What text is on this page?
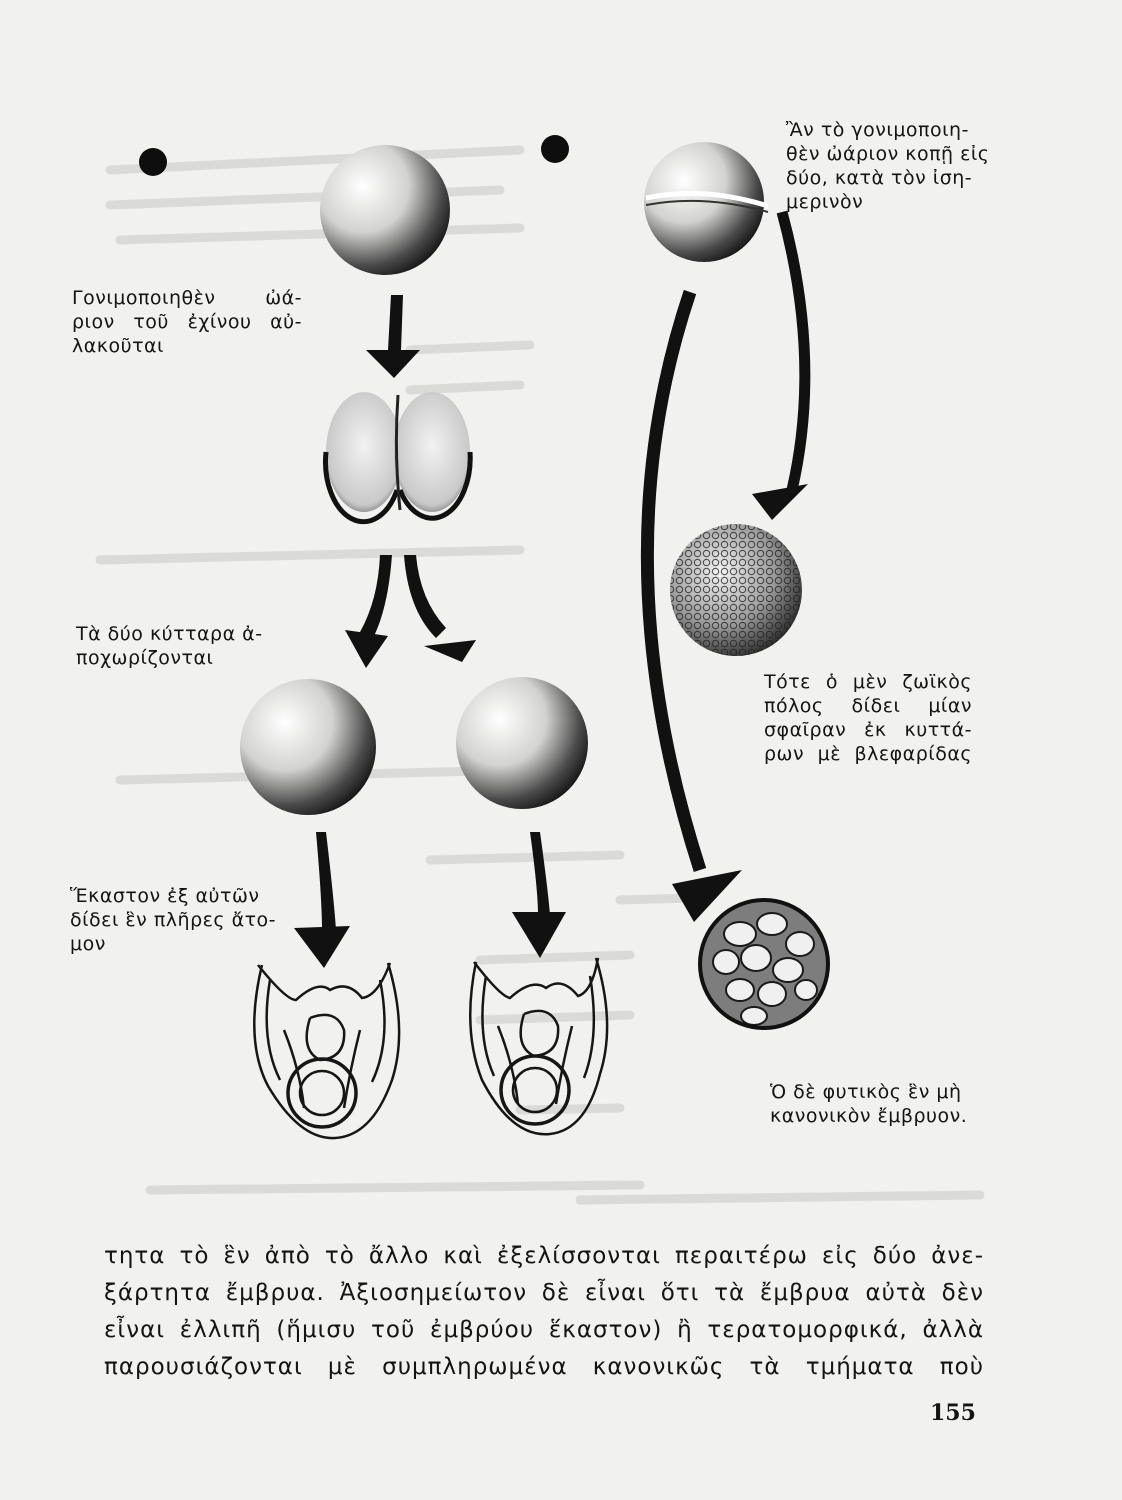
Ἂν τὸ γονιμοποιη-
θὲν ὠάριον κοπῇ εἰς
δύο, κατὰ τὸν ἰση-
μερινὸν
Γονιμοποιηθὲν ὠά-
ριον τοῦ ἐχίνου αὐ-
λακοῦται
Τὰ δύο κύτταρα ἀ-
ποχωρίζονται
Τότε ὁ μὲν ζωϊκὸς
πόλος δίδει μίαν
σφαῖραν ἐκ κυττά-
ρων μὲ βλεφαρίδας
Ἕκαστον ἐξ αὐτῶν
δίδει ἓν πλῆρες ἄτο-
μον
Ὁ δὲ φυτικὸς ἓν μὴ
κανονικὸν ἔμβρυον.
τητα τὸ ἓν ἀπὸ τὸ ἄλλο καὶ ἐξελίσσονται περαιτέρω εἰς δύο ἀνε-
ξάρτητα ἔμβρυα. Ἀξιοσημείωτον δὲ εἶναι ὅτι τὰ ἔμβρυα αὐτὰ δὲν
εἶναι ἐλλιπῆ (ἥμισυ τοῦ ἐμβρύου ἕκαστον) ἢ τερατομορφικά, ἀλλὰ
παρουσιάζονται μὲ συμπληρωμένα κανονικῶς τὰ τμήματα ποὺ
155
